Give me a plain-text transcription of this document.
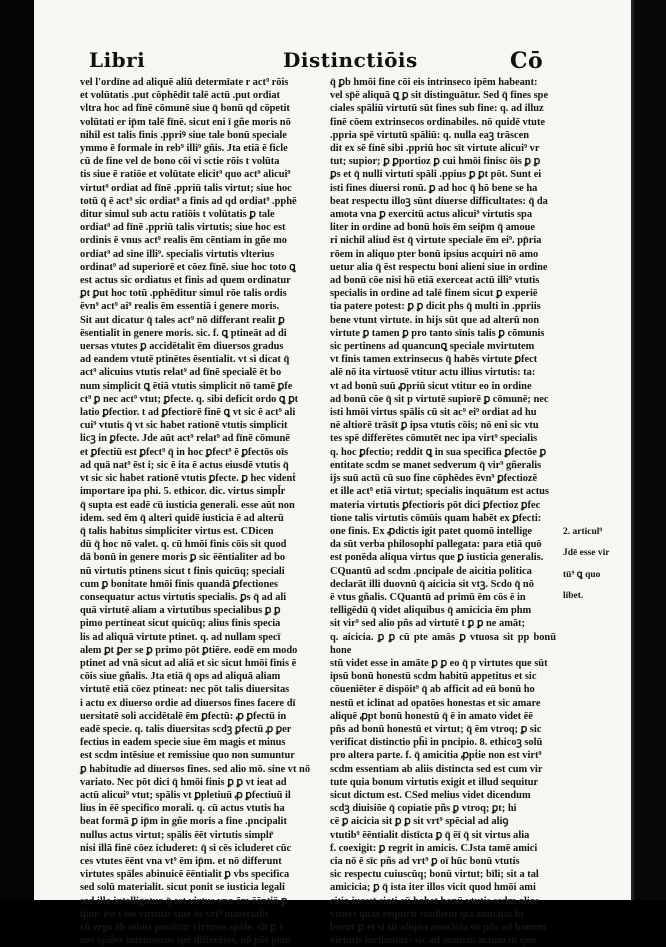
Libri	Distinctiōis	Cō

vel l'ordīne ad aliquē aliū determīate r act⁹ rōis

et volūtatis .put cōphēdit talē actū .put ordiat

vltra hoc ad fīnē cōmunē siue q̄ bonū qd cōpetit

volūtati er ip̄m talē fīnē. sicut eni ī gñe moris nō

nihil est talis finis .ppriꝰ siue tale bonū speciale

ymmo ē formale in reb⁹ illi⁹ gñis. Jta etiā ē ficle

cū de fine vel de bono cōi vi sctie rōis t volūta

tis siue ē ratiōe et volūtate elicit⁹ quo act⁹ alicui⁹

virtut⁹ ordiat ad fīnē .ppriū talis virtut; siue hoc

totū q̄ ē act⁹ sic ordiat⁹ a finis ad qd ordiat⁹ .pphē

ditur simul sub actu ratiōis t volūtatis ꝑ tale

ordiat⁹ ad fīnē .ppriū talis virtutis; siue hoc est

ordinis ē vnus act⁹ realis ēm cēntiam in gñe mo

ordiat⁹ ad sine illi⁹. specialis virtutis vlterius

ordinat⁹ ad superiorē et cōez fīnē. siue hoc toto ꝗ

est actus sic ordiatus et finis ad quem ordinatur

ꝑt ꝑut hoc totū .pphēditur simul rōe talis ordis

ēvn⁹ act⁹ ai⁹ realis ēm essentiā i genere moris.

Sit aut dicatur q̄ tales act⁹ nō differant realit ꝑ

ēsentialit in genere moris. sic. f. ꝗ ptineāt ad di

uersas vtutes ꝑ accidētalit ēm diuersos gradus

ad eandem vtutē ptinētes ēsentialit. vt si dicat q̄

act⁹ alicuius vtutis relat⁹ ad fīnē specialē ēt bo

num simplicit ꝗ ētiā vtutis simplicit nō tamē ꝑfe

ct⁹ ꝑ nec act⁹ vtut; ꝑfecte. q. sibi deficit ordo ꝗ ꝑt

latio ꝑfectior. t ad ꝑfectiorē finē ꝗ vt sic ē act⁹ ali

cui⁹ vtutis q̄ vt sic habet rationē vtutis simplicit

licꝫ in ꝑfecte. Jde aūt act⁹ relat⁹ ad fīnē cōmunē

et ꝑfectiū est ꝑfect⁹ q̄ in hoc ꝑfect⁹ ē ꝑfectōs oīs

ad quā nat⁹ ēst i; sic ē ita ē actus eiusdē vtutis q̄

vt sic sic habet rationē vtutis ꝑfecte. ꝑ hec videnṫ

importare ipa phi. 5. ethicor. dic. virtus simpl̄r

q̄ supta est eadē cū iusticia generali. esse aūt non

idem. sed ēm q̄ alteri quidē iusticia ē ad alterū

q̄ talis habitus simpliciter virtus est. CDicen

dū q̄ hoc nō valet. q. cū hmōi finis cōis sit quod

dā bonū in genere moris ꝑ sic ēēntialiter ad bo

nū virtutis ptinens sicut t finis quicūq; speciali

cum ꝑ bonitate hmōi finis quandā ꝑfectiones

consequatur actus virtutis specialis. ꝑs q̄ ad ali

quā virtutē aliam a virtutibus specialibus ꝑ ꝑ

pimo pertineat sicut quicūq; alius finis specia

lis ad aliquā virtute ptinet. q. ad nullam specī

alem ꝑt ꝑer se ꝑ primo pōt ꝑtiēre. eodē em modo

ptinet ad vnā sicut ad aliā et sic sicut hmōi finis ē

cōis siue gñalis. Jta etiā q̄ ops ad aliquā aliam

virtutē etiā cōez ptineat: nec pōt talis diuersitas

i actu ex diuerso ordie ad diuersos fines facere dī

uersitatē soli accidētalē ēm ꝑfectū: ꝓ ꝑfectū in

eadē specie. q. talis diuersitas scdꝫ ꝑfectū ꝓ ꝑer

fectius in eadem specie siue ēm magis et minus

est scdm intēsiue et remissiue quo non sumuntur

ꝑ habitudīe ad diuersos fines. sed alio mō. sine vt nō

variato. Nec pōt dici q̄ hmōi finis ꝑ ꝑ vt ieat ad

actū alicui⁹ vtut; spālis vt ꝑpletiuū ꝓ ꝑfectiuū il

lius in ēē specifico morali. q. cū actus vtutis ha

beat formā ꝑ ip̄m in gñe moris a fine .pncipalit

nullus actus virtut; spālis ēēt virtutis simplr̄

nisi illā finē cōez icluderet: q̄ si cēs icluderet cūc

ces vtutes ēēnt vna vt⁹ ēm ip̄m. et nō differunt

virtutes spāles abinuicē ēēntialit ꝑ vbs specifica

sed solū materialit. sicut ponit se iusticia legali

sed illa intelligatur q̄ est virtus vna ēm ēēntiā ꝑ

ip̄m: ēst t ōis virtutis siue ōs vrt⁹ materialit

cū ergo ēb oibus ponātur virtutes spāle. sīt ꝑ ē

nes spāles intrinsecos spē differētes, nō pōt poni

q̄ ꝑb hmōi fine cōi eis intrinseco ipēm habeant:

vel sp̄ē aliquā ꝗ ꝑ sit distinguātur. Sed q̄ fines spe

ciales spāliū virtutū sūt fines sub fine: q. ad illuz

finē cōem extrinsecos ordinabiles. nō quidē vtute

.ppria spē virtutū spāliū: q. nulla eaꝫ trāscen

dit ex sē finē sibi .ppriū hoc sīt virtute alicui⁹ vr

tut; supior; ꝑ ꝑportioz ꝑ cui hmōi finisc ōis ꝑ ꝑ

ꝑs et q̄ nulli virtuti spāli .ppius ꝑ ꝑt pōt. Sunt ei

isti fines diuersi ronū. ꝑ ad hoc q̄ hō bene se ha

beat respectu illoꝫ sūnt diuerse difficultates: q̄ da

amota vna ꝑ exercitū actus alicui⁹ virtutis spa

liter in ordine ad bonū hoīs ēm seip̄m q̄ amoue

ri nichil aliud ēst q̄ virtute speciale ēm ei⁹. pp̄ria

rōem in aliquo pter bonū ipsius acquiri nō amo

uetur alia q̄ ēst respectu boni alieni siue in ordine

ad bonū cōe nisi hō etiā exerceat actū illi⁹ vtutis

specialis in ordine ad talē finem sicut ꝑ experiē

tia patere potest: ꝑ ꝑ dicit phs q̄ multi in .ppriis

bene vtunt virtute. in hijs sūt que ad alterū non

virtute ꝑ tamen ꝑ pro tanto sīnis talis ꝑ cōmunis

sic pertinens ad quancunꝗ speciale mvirtutem

vt finis tamen extrinsecus q̄ habēs virtute ꝑfect

alē nō ita virtuosē vtitur actu illius virtutis: ta:

vt ad bonū suū ꝓpriū sicut vtitur eo in ordine

ad bonū cōe q̄ sit p virtutē supiorē ꝑ cōmunē; nec

isti hmōi virtus spālis cū sit ac⁹ ei⁹ ordiat ad hu

nē altiorē trāsīt ꝑ ipsa vtutis cōis; nō eni sic vtu

tes spē differētes cōmutēt nec ipa virt⁹ specialis

q. hoc ꝑfectio; reddit ꝗ in sua specifica ꝑfectōe ꝑ

entitate scdm se manet sedverum q̄ vir⁹ gñeralis

ijs suū actū cū suo fine cōphēdes ēvn⁹ ꝑfectiozē

et ille act⁹ etiā virtut; specialis inquātum est actus

materia virtutis ꝑfectioris pōt dici ꝑfectioz ꝑfec

tione talis virtutis cōmūis quam habēt ex ꝑfecti:

one finis. Ex ꝓdictis igit patet quomō intellige

da sūt verba philosophi pallegata: para etiā quō

est ponēda aliqua virtus que ꝑ iusticia generalis.

CQuantū ad scdm .pncipale de aicitia politica

declarāt illi duovnū q̄ aicicia sit vtꝫ. Scdo q̄ nō

ē vtus gñalis. CQuantū ad primū ēm cōs ē in

telligēdū q̄ videt aliquibus q̄ amicicia ēm phm

sit vir⁹ sed alio pñs ad virtutē t ꝑ ꝑ ne amāt;

q. aicicia. ꝑ ꝑ cū pte amās ꝑ vtuosa sit pp bonū hone

stū videt esse in amāte ꝑ ꝑ eo q̄ p virtutes que sūt

ipsū bonū honestū scdm habitū appetitus et sic

cōueniēter ē dispōit⁹ q̄ ab afficit ad eū bonū ho

nestū et iclinat ad opatōes honestas et sic amare

aliquē ꝓpt bonū honestū q̄ ē in amato videt ēē

pñs ad bonū honestū et virtut; q̄ ēm vtroq; ꝑ sic

verificat distinctio ph̄i in pncipio. 8. ethicoꝫ solū

pro altera parte. f. q̄ amicitia ꝓpṫie non est virt⁹

scdm essentiam ab aliis distincta sed est cum vir

tute quia bonum virtutis exigit et illud sequitur

sicut dictum est. CSed melius videt dicendum

scdꝫ diuisiōe q̄ copiatie pñs ꝑ vtroq; ꝑt; hi

cē ꝑ aicicia sit ꝑ ꝑ sit vrt⁹ spēcial ad aliꝯ

vtutib⁹ ēēntialit distīcta ꝑ q̄ ēī q̄ sit virtus alia

f. coexigit: ꝑ regrit in amicis. CJsta tamē amici

cia nō ē sīc pñs ad vrt⁹ ꝑ oī hūc bonū vtutis

sic respectu cuiuscūq; bonū virtut; bīli; sit a tal

amicicia; ꝑ q̄ ista iter illos vicit quod hmōi ami

citia iuesst siati cū habet bonū vtutis scdm alias

vtutes quas requirit similiem ipa amicitia hi

berur ꝑ et si sit aliqua amicicia sīt pñs ad bonum

virtutis inclinatur: sic ad omnem actum in quo

2. articul⁹

Jdē esse vir

tū⁹ ꝗ quo

libet.
